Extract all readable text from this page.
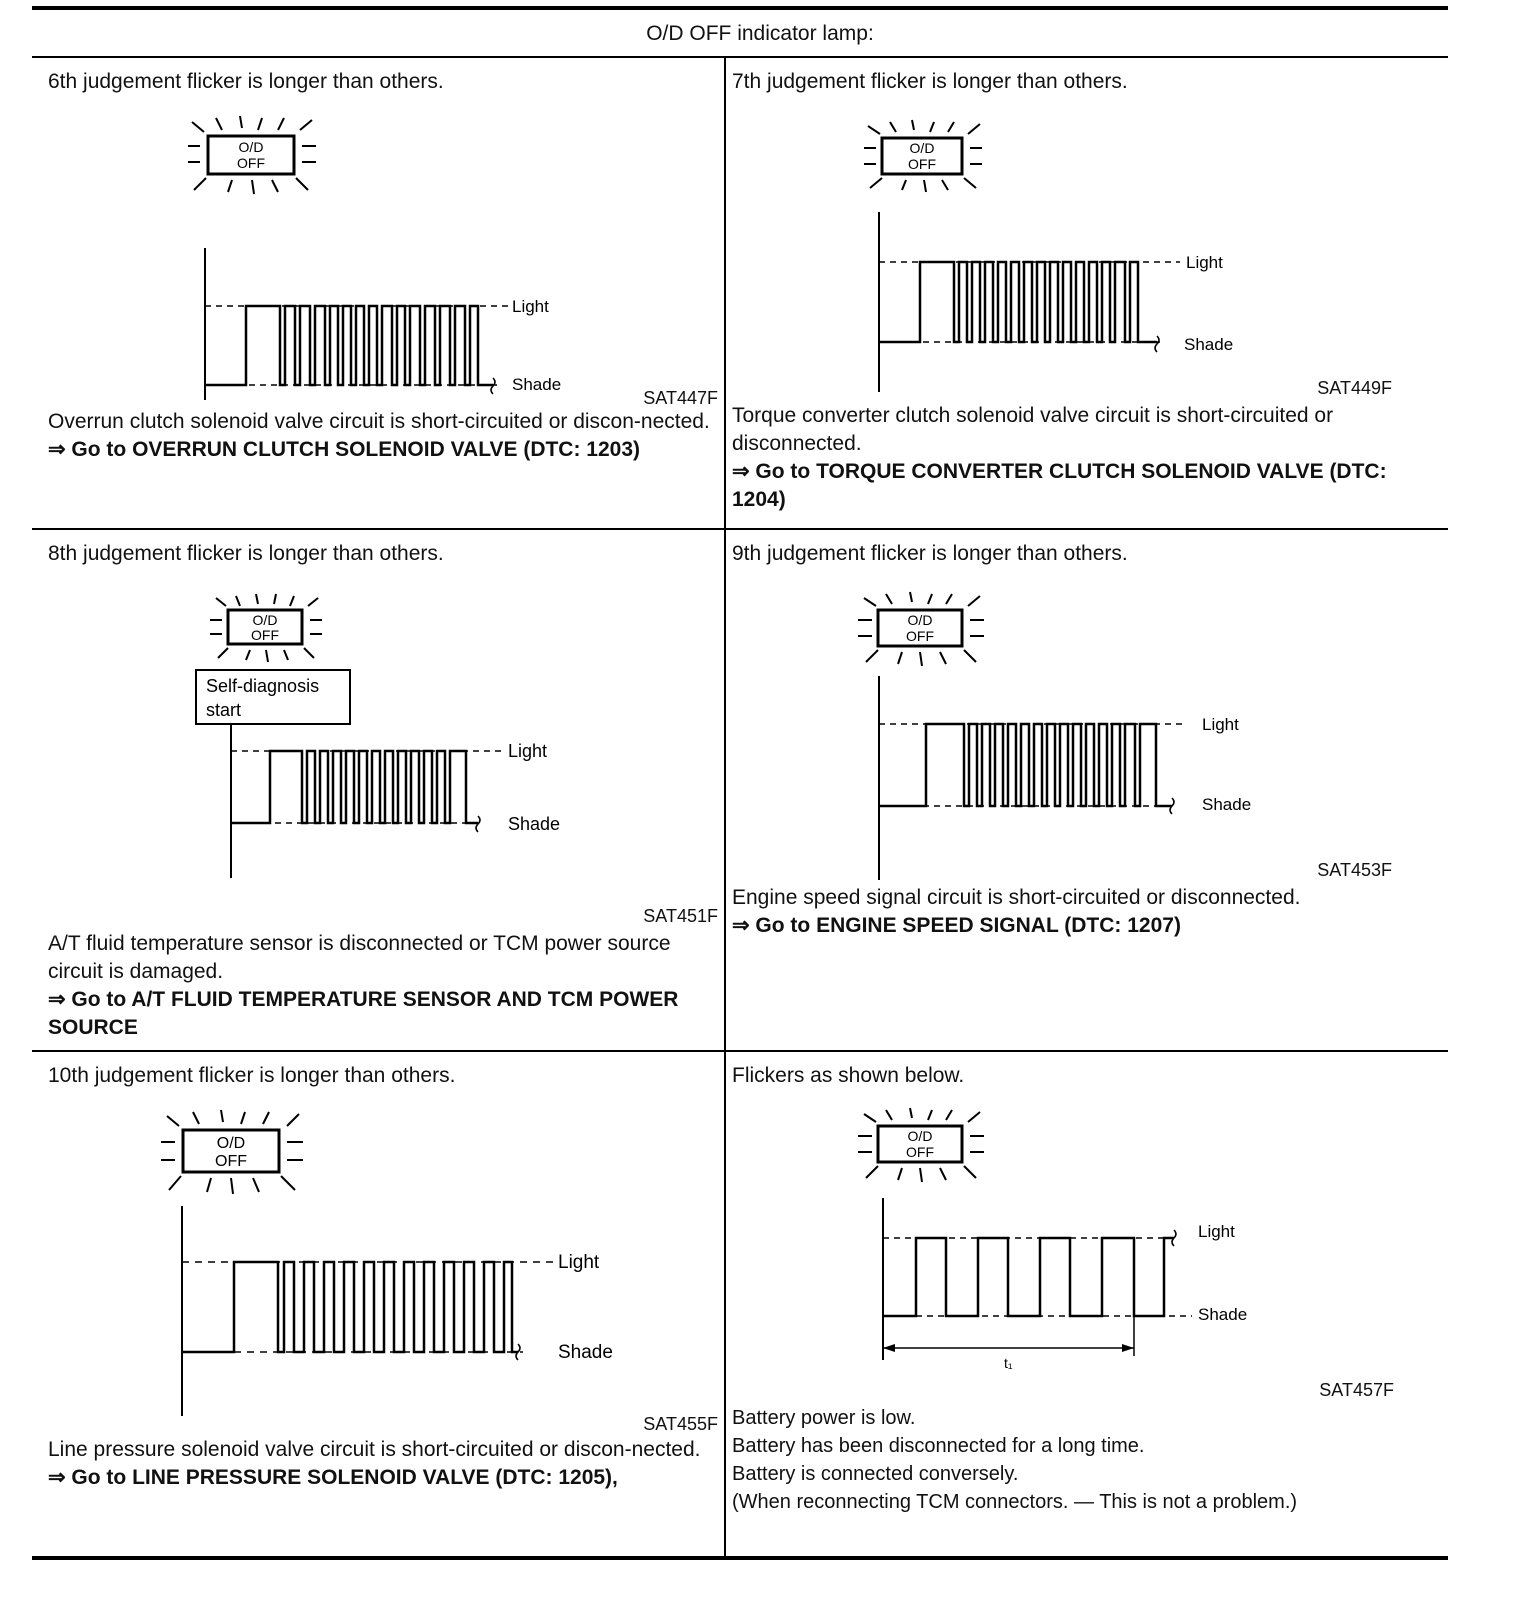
O/D OFF indicator lamp:
6th judgement flicker is longer than others.
O/D
OFF
Light
Shade
SAT447F
Overrun clutch solenoid valve circuit is short-circuited or discon-nected.
⇒ Go to OVERRUN CLUTCH SOLENOID VALVE (DTC: 1203)
7th judgement flicker is longer than others.
O/D
OFF
Light
Shade
SAT449F
Torque converter clutch solenoid valve circuit is short-circuited or disconnected.
⇒ Go to TORQUE CONVERTER CLUTCH SOLENOID VALVE (DTC: 1204)
8th judgement flicker is longer than others.
O/D
OFF
Self-diagnosis
start
Light
Shade
SAT451F
A/T fluid temperature sensor is disconnected or TCM power source circuit is damaged.
⇒ Go to A/T FLUID TEMPERATURE SENSOR AND TCM POWER SOURCE
9th judgement flicker is longer than others.
O/D
OFF
Light
Shade
SAT453F
Engine speed signal circuit is short-circuited or disconnected.
⇒ Go to ENGINE SPEED SIGNAL (DTC: 1207)
10th judgement flicker is longer than others.
O/D
OFF
Light
Shade
SAT455F
Line pressure solenoid valve circuit is short-circuited or discon-nected.
⇒ Go to LINE PRESSURE SOLENOID VALVE (DTC: 1205),
Flickers as shown below.
O/D
OFF
t₁
Light
Shade
SAT457F
Battery power is low.
Battery has been disconnected for a long time.
Battery is connected conversely.
(When reconnecting TCM connectors. — This is not a problem.)
